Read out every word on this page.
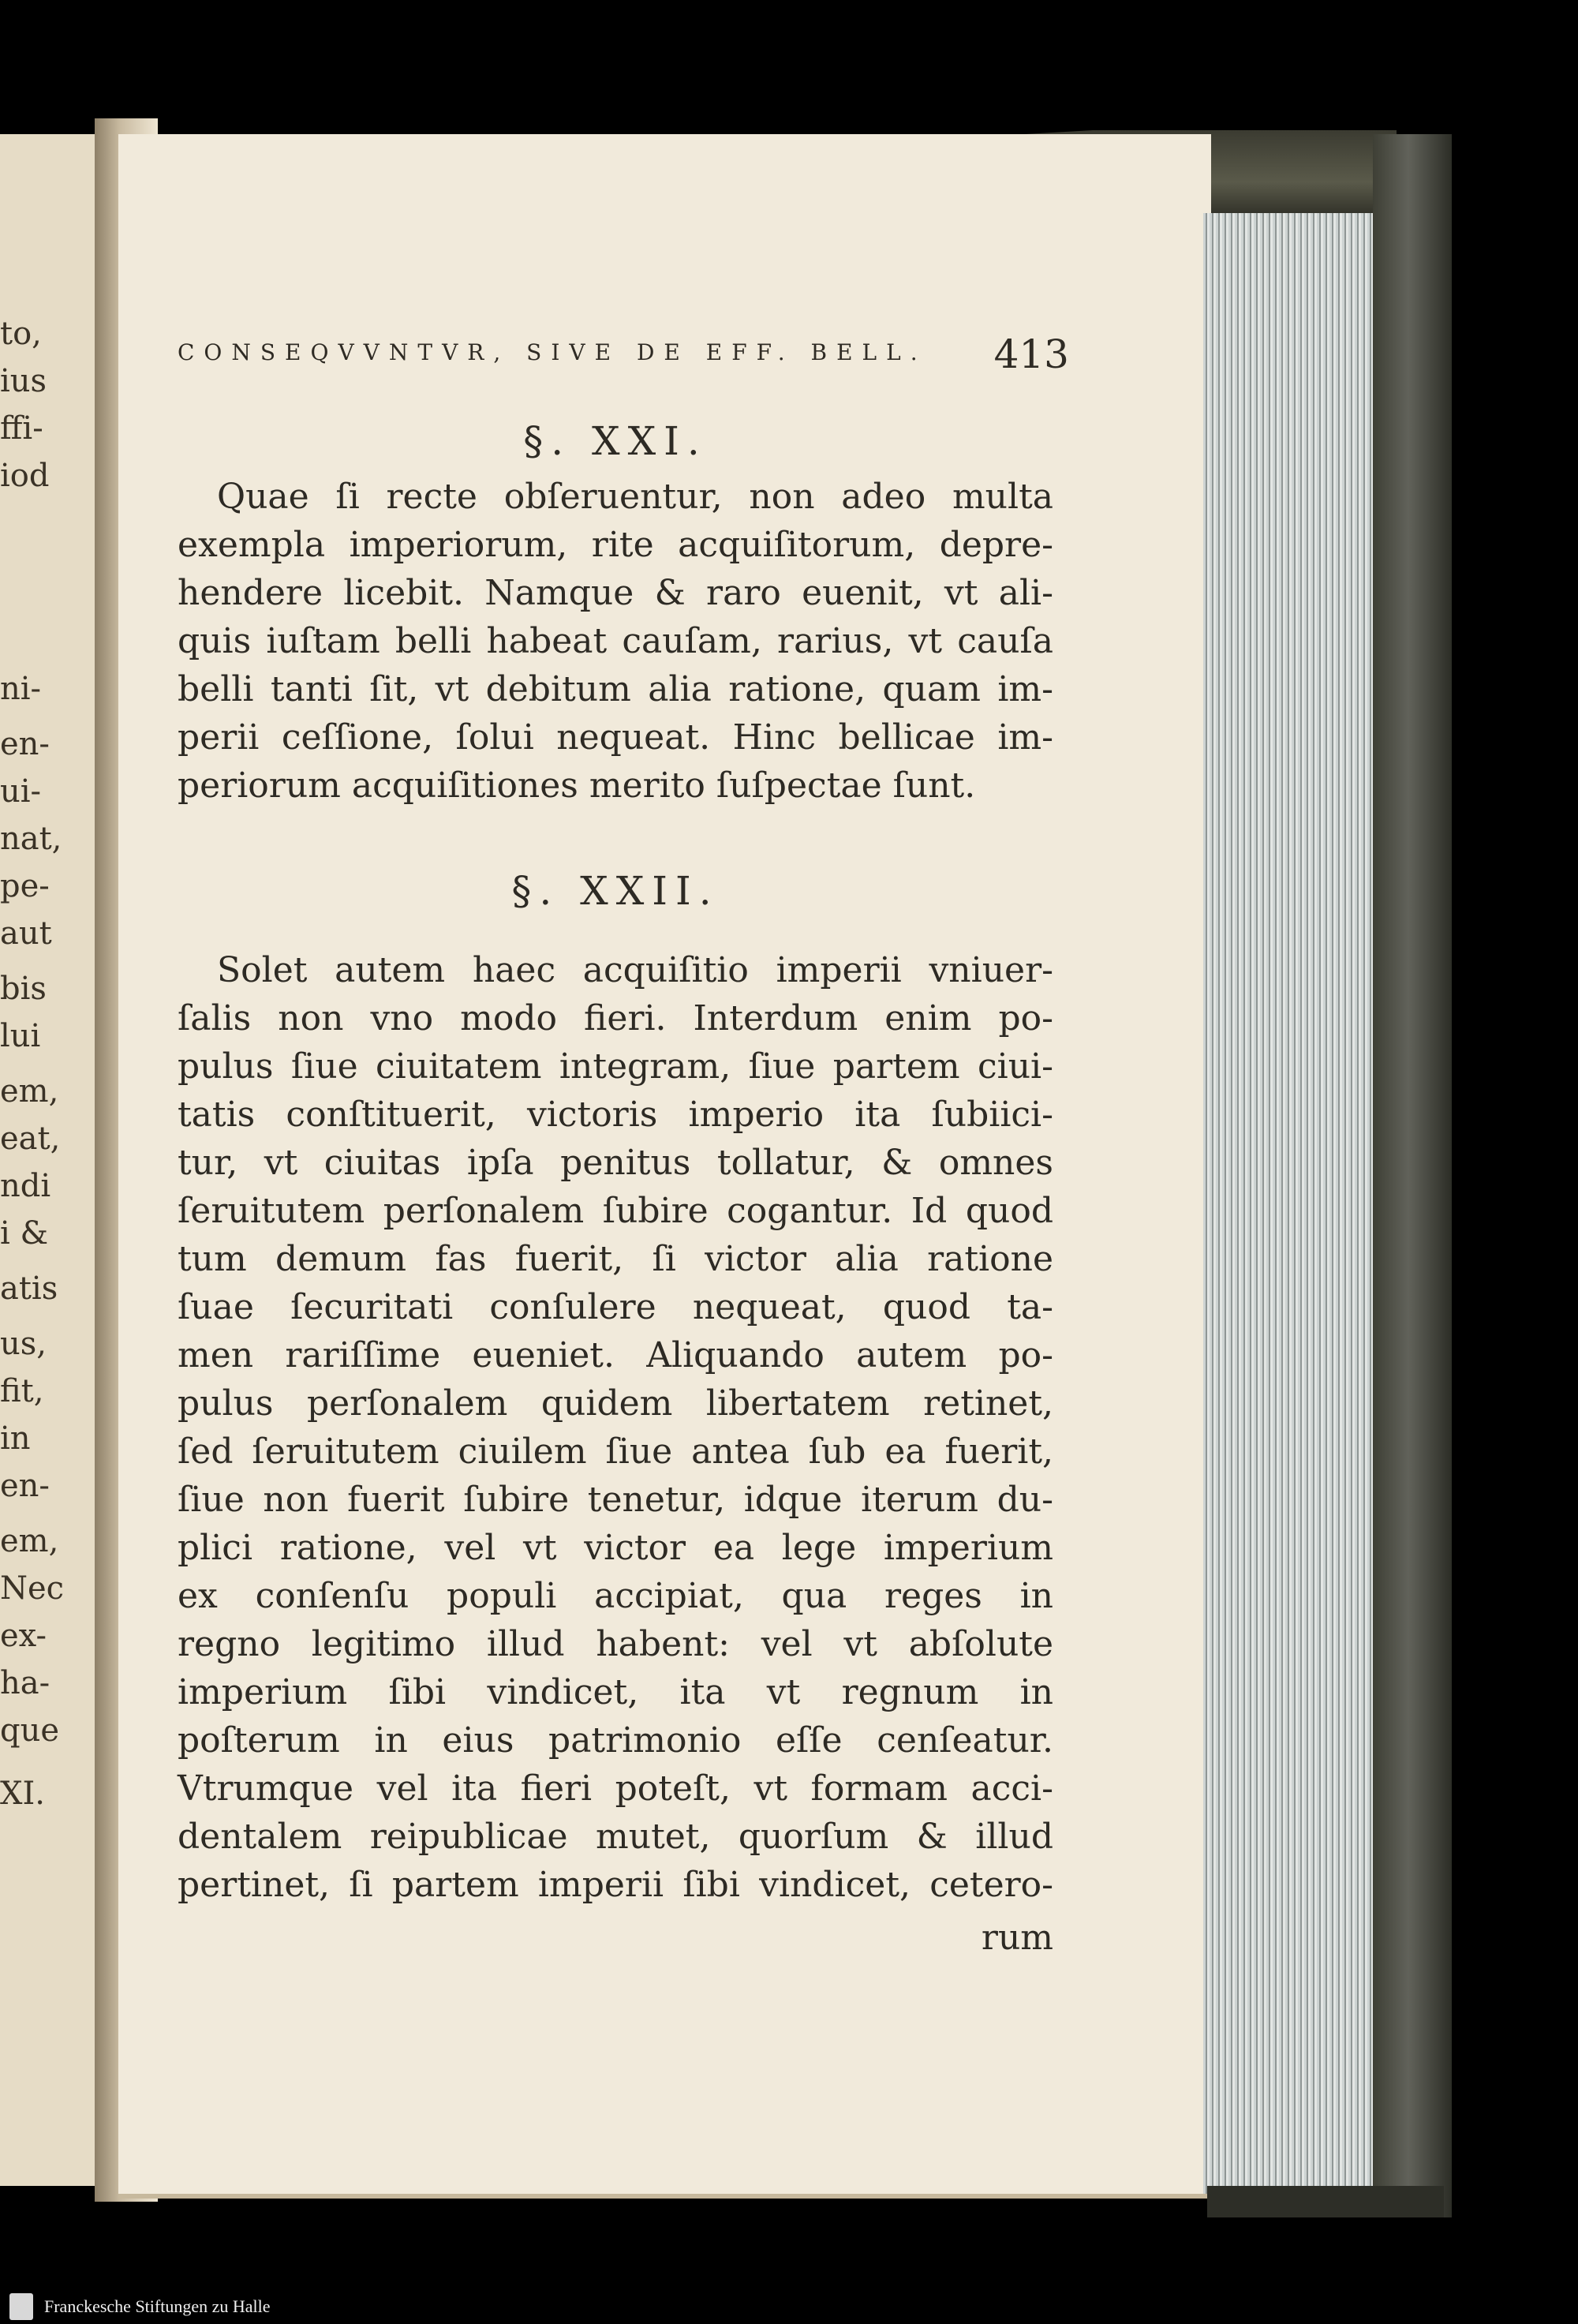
to,
ius
ffi-
iod
ni-
en-
ui-
nat,
pe-
aut
bis
lui
em,
eat,
ndi
i &
atis
us,
fit,
in
en-
em,
Nec
ex-
ha-
que
XI.
CONSEQVVNTVR, SIVE DE EFF. BELL. 413
§. XXI.
Quae ſi recte obſeruentur, non adeo multa
exempla imperiorum, rite acquiſitorum, depre-
hendere licebit. Namque & raro euenit, vt ali-
quis iuſtam belli habeat cauſam, rarius, vt cauſa
belli tanti ſit, vt debitum alia ratione, quam im-
perii ceſſione, ſolui nequeat. Hinc bellicae im-
periorum acquiſitiones merito ſuſpectae ſunt.
§. XXII.
Solet autem haec acquiſitio imperii vniuer-
ſalis non vno modo fieri. Interdum enim po-
pulus ſiue ciuitatem integram, ſiue partem ciui-
tatis conſtituerit, victoris imperio ita ſubiici-
tur, vt ciuitas ipſa penitus tollatur, & omnes
ſeruitutem perſonalem ſubire cogantur. Id quod
tum demum fas fuerit, ſi victor alia ratione
ſuae ſecuritati conſulere nequeat, quod ta-
men rariſſime eueniet. Aliquando autem po-
pulus perſonalem quidem libertatem retinet,
ſed ſeruitutem ciuilem ſiue antea ſub ea fuerit,
ſiue non fuerit ſubire tenetur, idque iterum du-
plici ratione, vel vt victor ea lege imperium
ex conſenſu populi accipiat, qua reges in
regno legitimo illud habent: vel vt abſolute
imperium ſibi vindicet, ita vt regnum in
poſterum in eius patrimonio eſſe cenſeatur.
Vtrumque vel ita fieri poteſt, vt formam acci-
dentalem reipublicae mutet, quorſum & illud
pertinet, ſi partem imperii ſibi vindicet, cetero-
rum
Franckesche Stiftungen zu Halle
